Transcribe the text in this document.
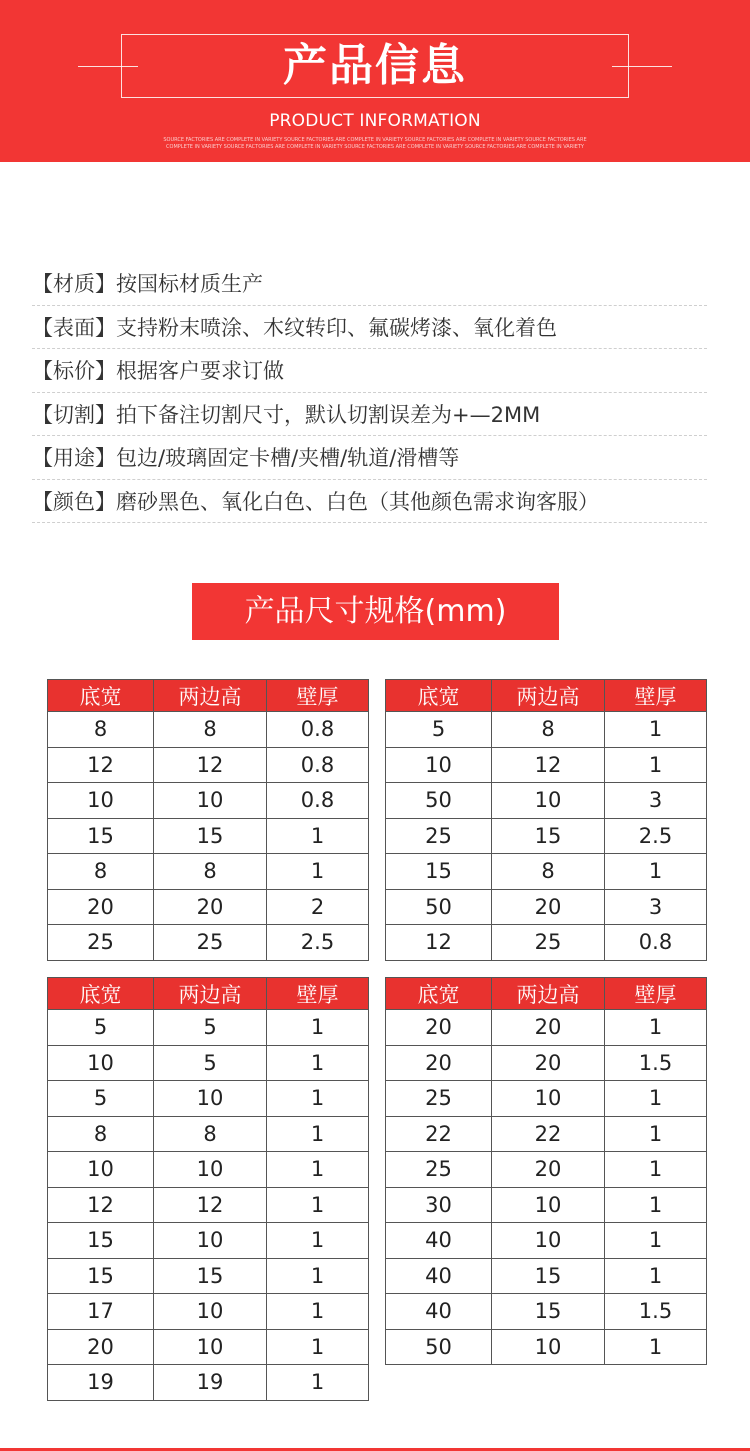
产品信息
PRODUCT INFORMATION
SOURCE FACTORIES ARE COMPLETE IN VARIETY SOURCE FACTORIES ARE COMPLETE IN VARIETY SOURCE FACTORIES ARE COMPLETE IN VARIETY SOURCE FACTORIES ARE COMPLETE IN VARIETY SOURCE FACTORIES ARE COMPLETE IN VARIETY SOURCE FACTORIES ARE COMPLETE IN VARIETY SOURCE FACTORIES ARE COMPLETE IN VARIETY
【材质】 按国标材质生产
【表面】 支持粉末喷涂、木纹转印、氟碳烤漆、氧化着色
【标价】 根据客户要求订做
【切割】 拍下备注切割尺寸，默认切割误差为+—2MM
【用途】 包边/玻璃固定卡槽/夹槽/轨道/滑槽等
【颜色】 磨砂黑色、氧化白色、白色（其他颜色需求询客服）
产品尺寸规格(mm)
底宽	两边高	壁厚
8	8	0.8
12	12	0.8
10	10	0.8
15	15	1
8	8	1
20	20	2
25	25	2.5
底宽	两边高	壁厚
5	8	1
10	12	1
50	10	3
25	15	2.5
15	8	1
50	20	3
12	25	0.8
底宽	两边高	壁厚
5	5	1
10	5	1
5	10	1
8	8	1
10	10	1
12	12	1
15	10	1
15	15	1
17	10	1
20	10	1
19	19	1
底宽	两边高	壁厚
20	20	1
20	20	1.5
25	10	1
22	22	1
25	20	1
30	10	1
40	10	1
40	15	1
40	15	1.5
50	10	1
